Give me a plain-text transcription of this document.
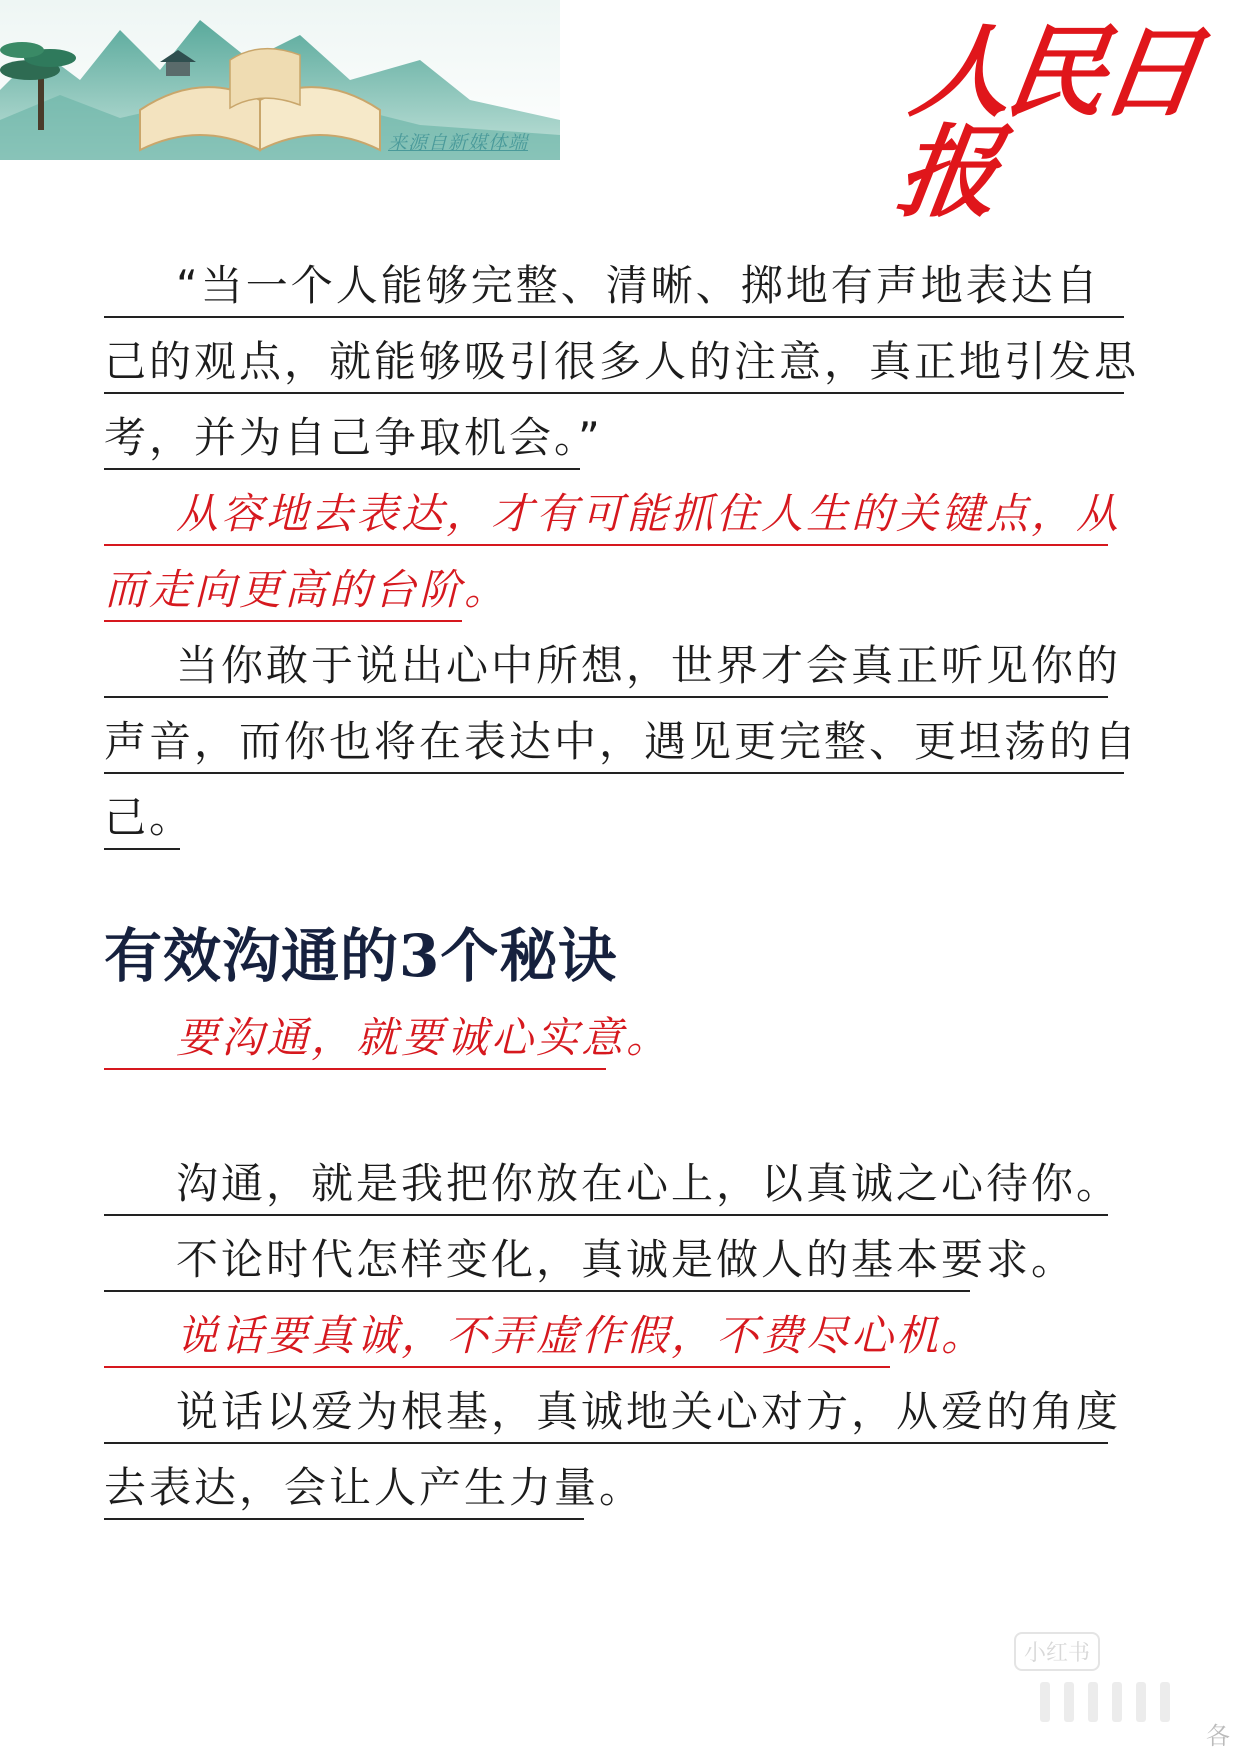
来源自新媒体端
人民日报
“当一个人能够完整、清晰、掷地有声地表达自
己的观点，就能够吸引很多人的注意，真正地引发思
考，并为自己争取机会。”
从容地去表达，才有可能抓住人生的关键点，从
而走向更高的台阶。
当你敢于说出心中所想，世界才会真正听见你的
声音，而你也将在表达中，遇见更完整、更坦荡的自
己。
有效沟通的3个秘诀
要沟通，就要诚心实意。
沟通，就是我把你放在心上，以真诚之心待你。
不论时代怎样变化，真诚是做人的基本要求。
说话要真诚，不弄虚作假，不费尽心机。
说话以爱为根基，真诚地关心对方，从爱的角度
去表达，会让人产生力量。
小红书
各
